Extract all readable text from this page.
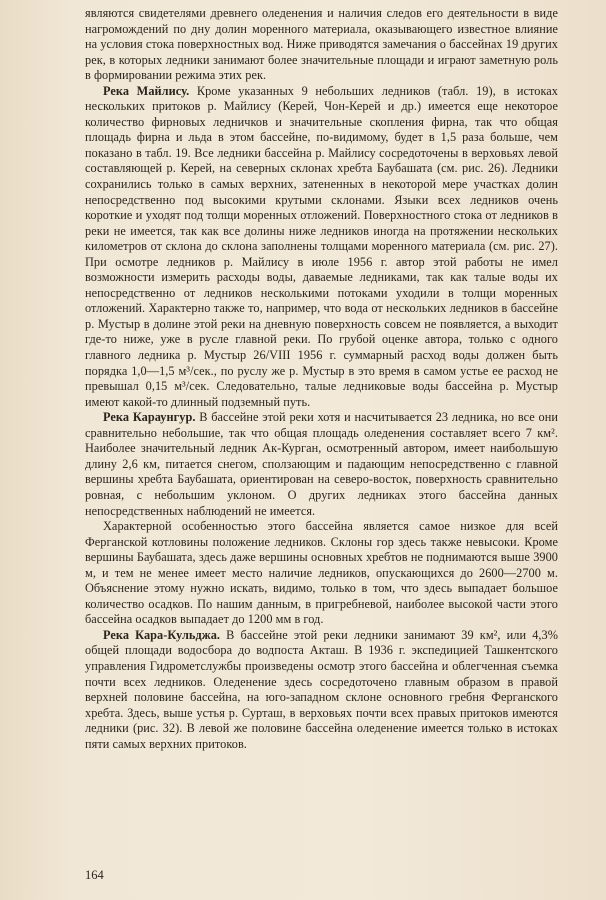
являются свидетелями древнего оледенения и наличия следов его деятельности в виде нагромождений по дну долин моренного материала, оказывающего известное влияние на условия стока поверхностных вод. Ниже приводятся замечания о бассейнах 19 других рек, в которых ледники занимают более значительные площади и играют заметную роль в формировании режима этих рек.

Река Майлису. Кроме указанных 9 небольших ледников (табл. 19), в истоках нескольких притоков р. Майлису (Керей, Чон-Керей и др.) имеется еще некоторое количество фирновых ледничков и значительные скопления фирна, так что общая площадь фирна и льда в этом бассейне, по-видимому, будет в 1,5 раза больше, чем показано в табл. 19. Все ледники бассейна р. Майлису сосредоточены в верховьях левой составляющей р. Керей, на северных склонах хребта Баубашата (см. рис. 26). Ледники сохранились только в самых верхних, затененных в некоторой мере участках долин непосредственно под высокими крутыми склонами. Языки всех ледников очень короткие и уходят под толщи моренных отложений. Поверхностного стока от ледников в реки не имеется, так как все долины ниже ледников иногда на протяжении нескольких километров от склона до склона заполнены толщами моренного материала (см. рис. 27). При осмотре ледников р. Майлису в июле 1956 г. автор этой работы не имел возможности измерить расходы воды, даваемые ледниками, так как талые воды их непосредственно от ледников несколькими потоками уходили в толщи моренных отложений. Характерно также то, например, что вода от нескольких ледников в бассейне р. Мустыр в долине этой реки на дневную поверхность совсем не появляется, а выходит где-то ниже, уже в русле главной реки. По грубой оценке автора, только с одного главного ледника р. Мустыр 26/VIII 1956 г. суммарный расход воды должен быть порядка 1,0—1,5 м³/сек., по руслу же р. Мустыр в это время в самом устье ее расход не превышал 0,15 м³/сек. Следовательно, талые ледниковые воды бассейна р. Мустыр имеют какой-то длинный подземный путь.

Река Караунгур. В бассейне этой реки хотя и насчитывается 23 ледника, но все они сравнительно небольшие, так что общая площадь оледенения составляет всего 7 км². Наиболее значительный ледник Ак-Курган, осмотренный автором, имеет наибольшую длину 2,6 км, питается снегом, сползающим и падающим непосредственно с главной вершины хребта Баубашата, ориентирован на северо-восток, поверхность сравнительно ровная, с небольшим уклоном. О других ледниках этого бассейна данных непосредственных наблюдений не имеется.

Характерной особенностью этого бассейна является самое низкое для всей Ферганской котловины положение ледников. Склоны гор здесь также невысоки. Кроме вершины Баубашата, здесь даже вершины основных хребтов не поднимаются выше 3900 м, и тем не менее имеет место наличие ледников, опускающихся до 2600—2700 м. Объяснение этому нужно искать, видимо, только в том, что здесь выпадает большое количество осадков. По нашим данным, в пригребневой, наиболее высокой части этого бассейна осадков выпадает до 1200 мм в год.

Река Кара-Кульджа. В бассейне этой реки ледники занимают 39 км², или 4,3% общей площади водосбора до водпоста Акташ. В 1936 г. экспедицией Ташкентского управления Гидрометслужбы произведены осмотр этого бассейна и облегченная съемка почти всех ледников. Оледенение здесь сосредоточено главным образом в правой верхней половине бассейна, на юго-западном склоне основного гребня Ферганского хребта. Здесь, выше устья р. Сурташ, в верховьях почти всех правых притоков имеются ледники (рис. 32). В левой же половине бассейна оледенение имеется только в истоках пяти самых верхних притоков.

164
